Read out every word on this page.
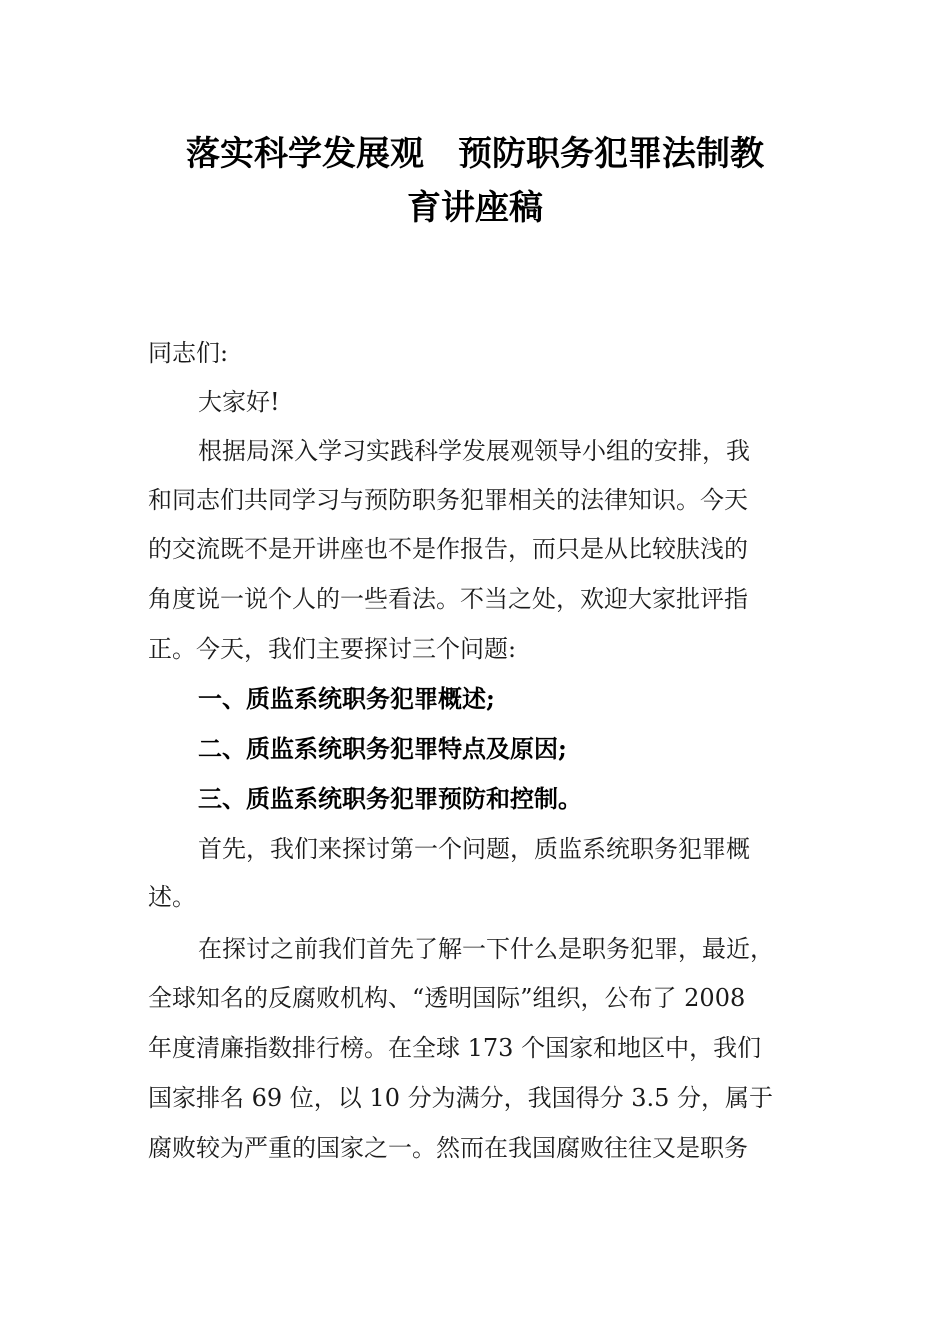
落实科学发展观　预防职务犯罪法制教
育讲座稿
同志们:
大家好!
根据局深入学习实践科学发展观领导小组的安排，我
和同志们共同学习与预防职务犯罪相关的法律知识。今天
的交流既不是开讲座也不是作报告，而只是从比较肤浅的
角度说一说个人的一些看法。不当之处，欢迎大家批评指
正。今天，我们主要探讨三个问题:
一、质监系统职务犯罪概述;
二、质监系统职务犯罪特点及原因;
三、质监系统职务犯罪预防和控制。
首先，我们来探讨第一个问题，质监系统职务犯罪概
述。
在探讨之前我们首先了解一下什么是职务犯罪，最近，
全球知名的反腐败机构、“透明国际”组织，公布了 2008
年度清廉指数排行榜。在全球 173 个国家和地区中，我们
国家排名 69 位，以 10 分为满分，我国得分 3.5 分，属于
腐败较为严重的国家之一。然而在我国腐败往往又是职务
